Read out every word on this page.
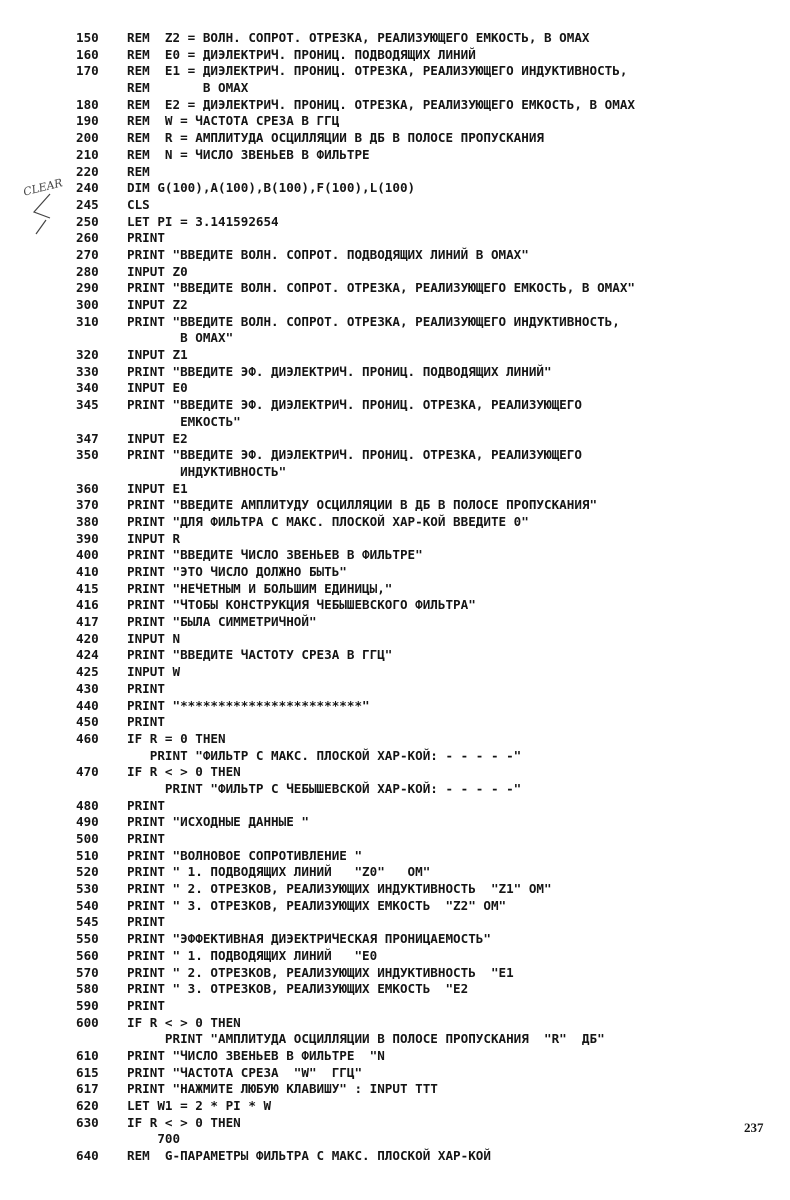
150	REM  Z2 = ВОЛН. СОПРОТ. ОТРЕЗКА, РЕАЛИЗУЮЩЕГО ЕМКОСТЬ, В ОМАХ
160	REM  E0 = ДИЭЛЕКТРИЧ. ПРОНИЦ. ПОДВОДЯЩИХ ЛИНИЙ
170	REM  E1 = ДИЭЛЕКТРИЧ. ПРОНИЦ. ОТРЕЗКА, РЕАЛИЗУЮЩЕГО ИНДУКТИВНОСТЬ,
REM       В ОМАХ
180	REM  E2 = ДИЭЛЕКТРИЧ. ПРОНИЦ. ОТРЕЗКА, РЕАЛИЗУЮЩЕГО ЕМКОСТЬ, В ОМАХ
190	REM  W = ЧАСТОТА СРЕЗА В ГГЦ
200	REM  R = АМПЛИТУДА ОСЦИЛЛЯЦИИ В ДБ В ПОЛОСЕ ПРОПУСКАНИЯ
210	REM  N = ЧИСЛО ЗВЕНЬЕВ В ФИЛЬТРЕ
220	REM
240	DIM G(100),A(100),B(100),F(100),L(100)
245	CLS
250	LET PI = 3.141592654
260	PRINT
270	PRINT "ВВЕДИТЕ ВОЛН. СОПРОТ. ПОДВОДЯЩИХ ЛИНИЙ В ОМАХ"
280	INPUT Z0
290	PRINT "ВВЕДИТЕ ВОЛН. СОПРОТ. ОТРЕЗКА, РЕАЛИЗУЮЩЕГО ЕМКОСТЬ, В ОМАХ"
300	INPUT Z2
310	PRINT "ВВЕДИТЕ ВОЛН. СОПРОТ. ОТРЕЗКА, РЕАЛИЗУЮЩЕГО ИНДУКТИВНОСТЬ,
В ОМАХ"
320	INPUT Z1
330	PRINT "ВВЕДИТЕ ЭФ. ДИЭЛЕКТРИЧ. ПРОНИЦ. ПОДВОДЯЩИХ ЛИНИЙ"
340	INPUT E0
345	PRINT "ВВЕДИТЕ ЭФ. ДИЭЛЕКТРИЧ. ПРОНИЦ. ОТРЕЗКА, РЕАЛИЗУЮЩЕГО
ЕМКОСТЬ"
347	INPUT E2
350	PRINT "ВВЕДИТЕ ЭФ. ДИЭЛЕКТРИЧ. ПРОНИЦ. ОТРЕЗКА, РЕАЛИЗУЮЩЕГО
ИНДУКТИВНОСТЬ"
360	INPUT E1
370	PRINT "ВВЕДИТЕ АМПЛИТУДУ ОСЦИЛЛЯЦИИ В ДБ В ПОЛОСЕ ПРОПУСКАНИЯ"
380	PRINT "ДЛЯ ФИЛЬТРА С МАКС. ПЛОСКОЙ ХАР-КОЙ ВВЕДИТЕ 0"
390	INPUT R
400	PRINT "ВВЕДИТЕ ЧИСЛО ЗВЕНЬЕВ В ФИЛЬТРЕ"
410	PRINT "ЭТО ЧИСЛО ДОЛЖНО БЫТЬ"
415	PRINT "НЕЧЕТНЫМ И БОЛЬШИМ ЕДИНИЦЫ,"
416	PRINT "ЧТОБЫ КОНСТРУКЦИЯ ЧЕБЫШЕВСКОГО ФИЛЬТРА"
417	PRINT "БЫЛА СИММЕТРИЧНОЙ"
420	INPUT N
424	PRINT "ВВЕДИТЕ ЧАСТОТУ СРЕЗА В ГГЦ"
425	INPUT W
430	PRINT
440	PRINT "************************"
450	PRINT
460	IF R = 0 THEN
PRINT "ФИЛЬТР С МАКС. ПЛОСКОЙ ХАР-КОЙ: - - - - -"
470	IF R < > 0 THEN
PRINT "ФИЛЬТР С ЧЕБЫШЕВСКОЙ ХАР-КОЙ: - - - - -"
480	PRINT
490	PRINT "ИСХОДНЫЕ ДАННЫЕ "
500	PRINT
510	PRINT "ВОЛНОВОЕ СОПРОТИВЛЕНИЕ "
520	PRINT " 1. ПОДВОДЯЩИХ ЛИНИЙ   "Z0"   ОМ"
530	PRINT " 2. ОТРЕЗКОВ, РЕАЛИЗУЮЩИХ ИНДУКТИВНОСТЬ  "Z1" ОМ"
540	PRINT " 3. ОТРЕЗКОВ, РЕАЛИЗУЮЩИХ ЕМКОСТЬ  "Z2" ОМ"
545	PRINT
550	PRINT "ЭФФЕКТИВНАЯ ДИЭЕКТРИЧЕСКАЯ ПРОНИЦАЕМОСТЬ"
560	PRINT " 1. ПОДВОДЯЩИХ ЛИНИЙ   "E0
570	PRINT " 2. ОТРЕЗКОВ, РЕАЛИЗУЮЩИХ ИНДУКТИВНОСТЬ  "E1
580	PRINT " 3. ОТРЕЗКОВ, РЕАЛИЗУЮЩИХ ЕМКОСТЬ  "E2
590	PRINT
600	IF R < > 0 THEN
PRINT "АМПЛИТУДА ОСЦИЛЛЯЦИИ В ПОЛОСЕ ПРОПУСКАНИЯ  "R"  ДБ"
610	PRINT "ЧИСЛО ЗВЕНЬЕВ В ФИЛЬТРЕ  "N
615	PRINT "ЧАСТОТА СРЕЗА  "W"  ГГЦ"
617	PRINT "НАЖМИТЕ ЛЮБУЮ КЛАВИШУ" : INPUT TTT
620	LET W1 = 2 * PI * W
630	IF R < > 0 THEN
700
640	REM  G-ПАРАМЕТРЫ ФИЛЬТРА С МАКС. ПЛОСКОЙ ХАР-КОЙ
CLEAR
237
